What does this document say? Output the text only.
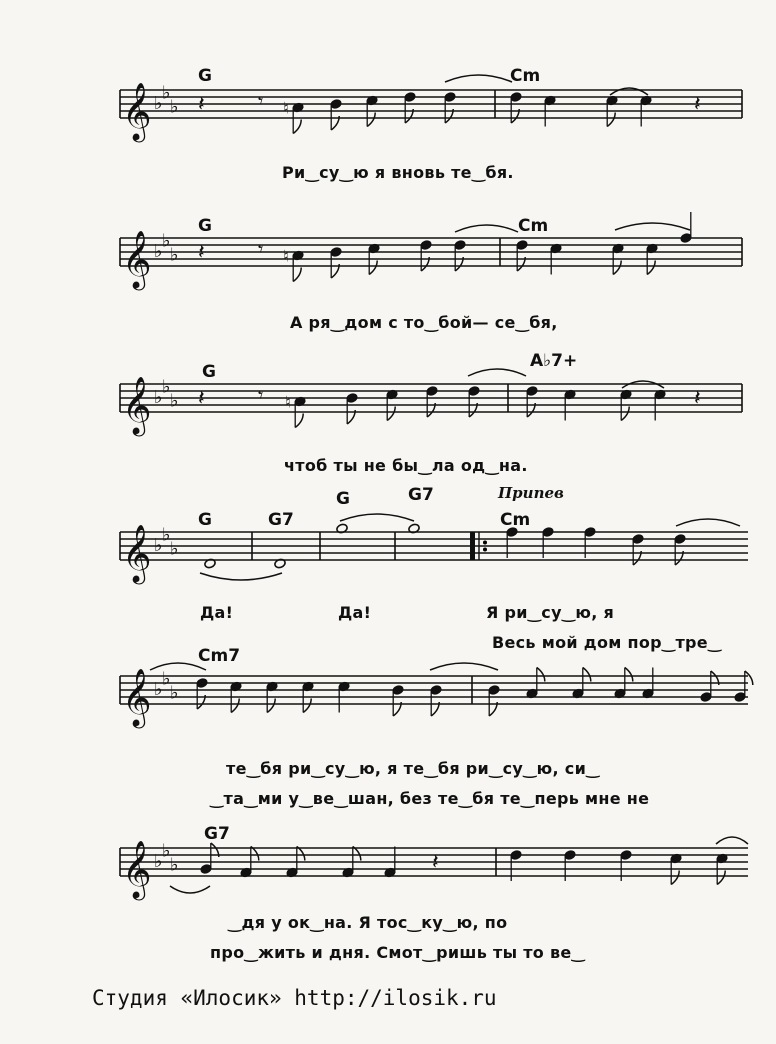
𝄞 ♭ ♭
♭
𝄞 ♭ ♭
♭
𝄞 ♭ ♭
♭
𝄞 ♭ ♭
♭
𝄞 ♭ ♭
♭
𝄞 ♭ ♭
♭
𝄽	𝄾 ♮	𝄽
𝄽	𝄾 ♮
𝄽	𝄾 ♮	𝄽
𝄽
G	Cm
Ри‿су‿ю я вновь те‿бя.
G	Cm
А ря‿дом с то‿бой— се‿бя,
G
A♭7+
чтоб ты не бы‿ла од‿на.
G	G7
G	G7	Припев
Cm
Да!	Да!	Я ри‿су‿ю, я
Весь мой дом пор‿тре‿
Cm7
те‿бя ри‿су‿ю, я те‿бя ри‿су‿ю, си‿
‿та‿ми у‿ве‿шан, без те‿бя те‿перь мне не
G7
‿дя у ок‿на. Я тос‿ку‿ю, по
про‿жить и дня. Смот‿ришь ты то ве‿
Студия «Илосик» http://ilosik.ru
